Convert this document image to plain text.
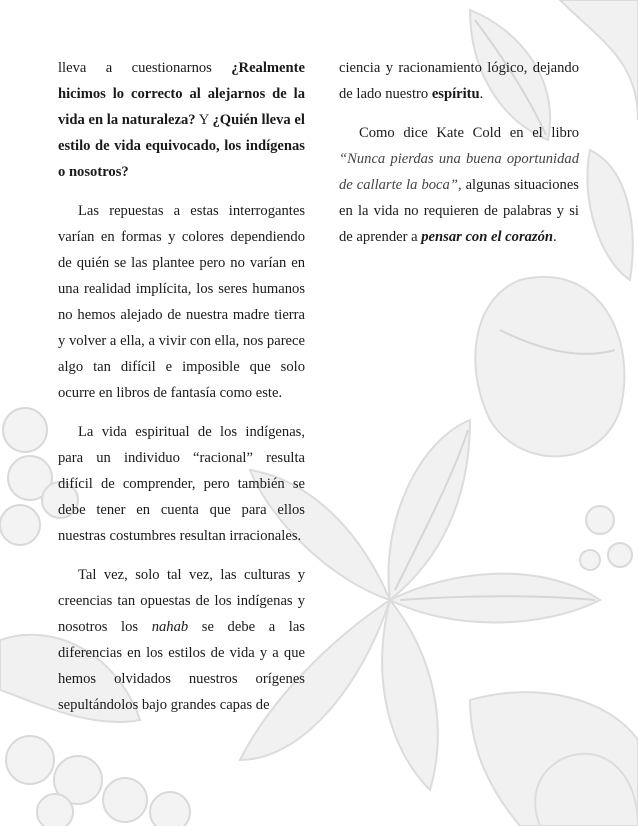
lleva a cuestionarnos ¿Realmente hicimos lo correcto al alejarnos de la vida en la naturaleza? Y ¿Quién lleva el estilo de vida equivocado, los indígenas o nosotros?

Las repuestas a estas interrogantes varían en formas y colores dependiendo de quién se las plantee pero no varían en una realidad implícita, los seres humanos no hemos alejado de nuestra madre tierra y volver a ella, a vivir con ella, nos parece algo tan difícil e imposible que solo ocurre en libros de fantasía como este.

La vida espiritual de los indígenas, para un individuo “racional” resulta difícil de comprender, pero también se debe tener en cuenta que para ellos nuestras costumbres resultan irracionales.

Tal vez, solo tal vez, las culturas y creencias tan opuestas de los indígenas y nosotros los nahab se debe a las diferencias en los estilos de vida y a que hemos olvidados nuestros orígenes sepultándolos bajo grandes capas de

ciencia y racionamiento lógico, dejando de lado nuestro espíritu.

Como dice Kate Cold en el libro “Nunca pierdas una buena oportunidad de callarte la boca”, algunas situaciones en la vida no requieren de palabras y si de aprender a pensar con el corazón.
